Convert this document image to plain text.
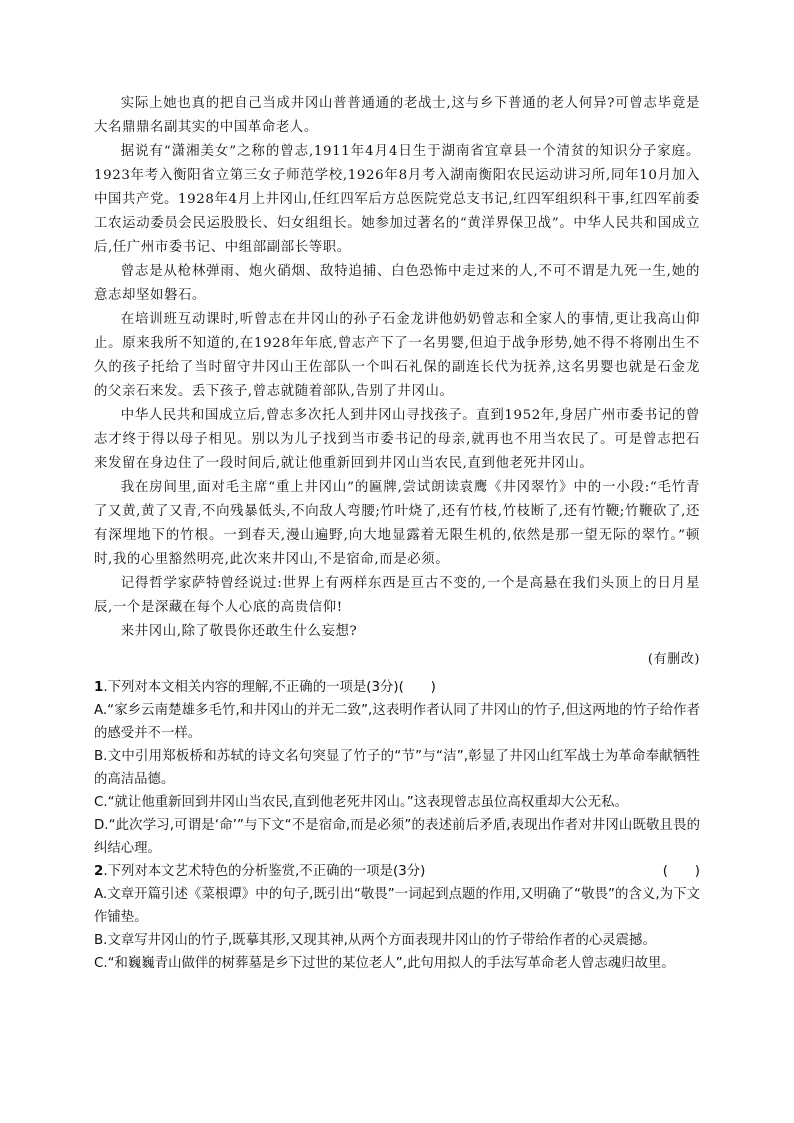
实际上她也真的把自己当成井冈山普普通通的老战士,这与乡下普通的老人何异?可曾志毕竟是大名鼎鼎名副其实的中国革命老人。

据说有“潇湘美女”之称的曾志,1911年4月4日生于湖南省宜章县一个清贫的知识分子家庭。1923年考入衡阳省立第三女子师范学校,1926年8月考入湖南衡阳农民运动讲习所,同年10月加入中国共产党。1928年4月上井冈山,任红四军后方总医院党总支书记,红四军组织科干事,红四军前委工农运动委员会民运股股长、妇女组组长。她参加过著名的“黄洋界保卫战”。中华人民共和国成立后,任广州市委书记、中组部副部长等职。

曾志是从枪林弹雨、炮火硝烟、敌特追捕、白色恐怖中走过来的人,不可不谓是九死一生,她的意志却坚如磐石。

在培训班互动课时,听曾志在井冈山的孙子石金龙讲他奶奶曾志和全家人的事情,更让我高山仰止。原来我所不知道的,在1928年年底,曾志产下了一名男婴,但迫于战争形势,她不得不将刚出生不久的孩子托给了当时留守井冈山王佐部队一个叫石礼保的副连长代为抚养,这名男婴也就是石金龙的父亲石来发。丢下孩子,曾志就随着部队,告别了井冈山。

中华人民共和国成立后,曾志多次托人到井冈山寻找孩子。直到1952年,身居广州市委书记的曾志才终于得以母子相见。别以为儿子找到当市委书记的母亲,就再也不用当农民了。可是曾志把石来发留在身边住了一段时间后,就让他重新回到井冈山当农民,直到他老死井冈山。

我在房间里,面对毛主席“重上井冈山”的匾牌,尝试朗读袁鹰《井冈翠竹》中的一小段:“毛竹青了又黄,黄了又青,不向残暴低头,不向敌人弯腰;竹叶烧了,还有竹枝,竹枝断了,还有竹鞭;竹鞭砍了,还有深埋地下的竹根。一到春天,漫山遍野,向大地显露着无限生机的,依然是那一望无际的翠竹。”顿时,我的心里豁然明亮,此次来井冈山,不是宿命,而是必须。

记得哲学家萨特曾经说过:世界上有两样东西是亘古不变的,一个是高悬在我们头顶上的日月星辰,一个是深藏在每个人心底的高贵信仰!

来井冈山,除了敬畏你还敢生什么妄想?

(有删改)

1.下列对本文相关内容的理解,不正确的一项是(3分)(　　)

A.“家乡云南楚雄多毛竹,和井冈山的并无二致”,这表明作者认同了井冈山的竹子,但这两地的竹子给作者的感受并不一样。

B.文中引用郑板桥和苏轼的诗文名句突显了竹子的“节”与“洁”,彰显了井冈山红军战士为革命奉献牺牲的高洁品德。

C.“就让他重新回到井冈山当农民,直到他老死井冈山。”这表现曾志虽位高权重却大公无私。

D.“此次学习,可谓是‘命’”与下文“不是宿命,而是必须”的表述前后矛盾,表现出作者对井冈山既敬且畏的纠结心理。

2.下列对本文艺术特色的分析鉴赏,不正确的一项是(3分)	(　　)

A.文章开篇引述《菜根谭》中的句子,既引出“敬畏”一词起到点题的作用,又明确了“敬畏”的含义,为下文作铺垫。

B.文章写井冈山的竹子,既摹其形,又现其神,从两个方面表现井冈山的竹子带给作者的心灵震撼。

C.“和巍巍青山做伴的树葬墓是乡下过世的某位老人”,此句用拟人的手法写革命老人曾志魂归故里。
